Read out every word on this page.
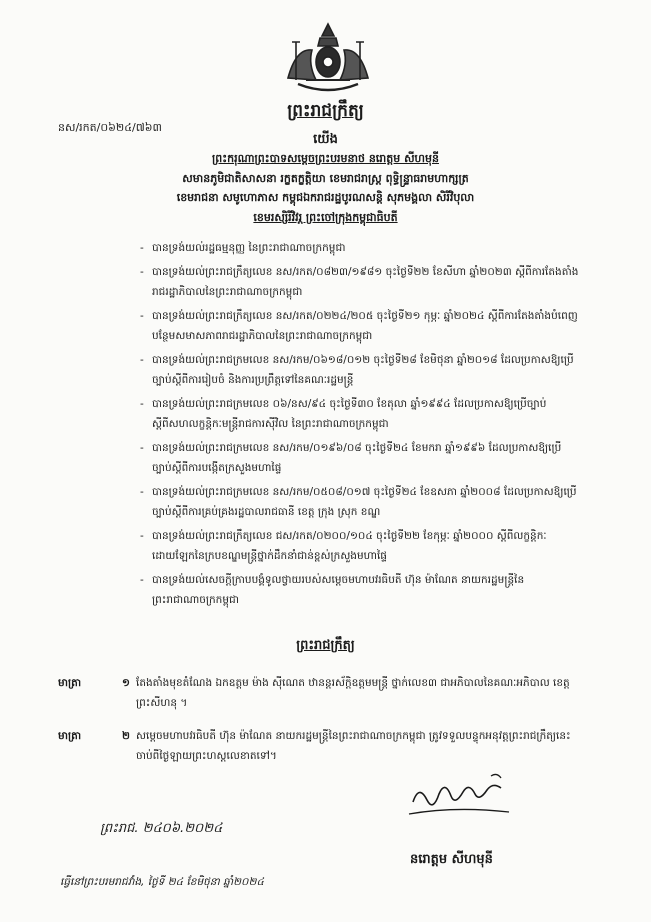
ព្រះរាជក្រឹត្យ
នស/រកត/០៦២៤/៧៦៣
យើង
ព្រះករុណាព្រះបាទសម្តេចព្រះបរមនាថ នរោត្តម សីហមុនី
សមានភូមិជាតិសាសនា រក្ខតក្ខត្តិយា ខេមរាជរាស្ត្រ ពុទ្ធិន្ទ្រាធរាមហាក្សត្រ
ខេមរាជនា សមូហោភាស កម្ពុជឯករាជរដ្ឋបូរណសន្តិ សុភមង្គលា សិរីវិបុលា
ខេមរស្សិរីវិវរ្ត ព្រះចៅក្រុងកម្ពុជាធិបតី
- បានទ្រង់យល់រដ្ឋធម្មនុញ្ញ នៃព្រះរាជាណាចក្រកម្ពុជា
- បានទ្រង់យល់ព្រះរាជក្រឹត្យលេខ នស/រកត/០៨២៣/១៩៨១ ចុះថ្ងៃទី២២ ខែសីហា ឆ្នាំ២០២៣ ស្តីពីការតែងតាំងរាជរដ្ឋាភិបាលនៃព្រះរាជាណាចក្រកម្ពុជា
- បានទ្រង់យល់ព្រះរាជក្រឹត្យលេខ នស/រកត/០២២៤/២០៥ ចុះថ្ងៃទី២១ កុម្ភៈ ឆ្នាំ២០២៤ ស្តីពីការតែងតាំងបំពេញបន្ថែមសមាសភាពរាជរដ្ឋាភិបាលនៃព្រះរាជាណាចក្រកម្ពុជា
- បានទ្រង់យល់ព្រះរាជក្រមលេខ នស/រកម/០៦១៨/០១២ ចុះថ្ងៃទី២៨ ខែមិថុនា ឆ្នាំ២០១៨ ដែលប្រកាសឱ្យប្រើច្បាប់ស្តីពីការរៀបចំ និងការប្រព្រឹត្តទៅនៃគណៈរដ្ឋមន្ត្រី
- បានទ្រង់យល់ព្រះរាជក្រមលេខ ០៦/នស/៩៤ ចុះថ្ងៃទី៣០ ខែតុលា ឆ្នាំ១៩៩៤ ដែលប្រកាសឱ្យប្រើច្បាប់ស្តីពីសហលក្ខន្តិកៈមន្ត្រីរាជការស៊ីវិល នៃព្រះរាជាណាចក្រកម្ពុជា
- បានទ្រង់យល់ព្រះរាជក្រមលេខ នស/រកម/០១៩៦/០៨ ចុះថ្ងៃទី២៤ ខែមករា ឆ្នាំ១៩៩៦ ដែលប្រកាសឱ្យប្រើច្បាប់ស្តីពីការបង្កើតក្រសួងមហាផ្ទៃ
- បានទ្រង់យល់ព្រះរាជក្រមលេខ នស/រកម/០៥០៨/០១៧ ចុះថ្ងៃទី២៤ ខែឧសភា ឆ្នាំ២០០៨ ដែលប្រកាសឱ្យប្រើច្បាប់ស្តីពីការគ្រប់គ្រងរដ្ឋបាលរាជធានី ខេត្ត ក្រុង ស្រុក ខណ្ឌ
- បានទ្រង់យល់ព្រះរាជក្រឹត្យលេខ ជស/រកត/០២០០/១០៤ ចុះថ្ងៃទី២២ ខែកុម្ភៈ ឆ្នាំ២០០០ ស្តីពីលក្ខន្តិកៈដោយឡែកនៃក្របខណ្ឌមន្ត្រីថ្នាក់ដឹកនាំជាន់ខ្ពស់ក្រសួងមហាផ្ទៃ
- បានទ្រង់យល់សេចក្តីក្រាបបង្គំទូលថ្វាយរបស់សម្តេចមហាបវរធិបតី ហ៊ុន ម៉ាណែត នាយករដ្ឋមន្ត្រីនៃព្រះរាជាណាចក្រកម្ពុជា
ព្រះរាជក្រឹត្យ
មាត្រា	១ តែងតាំងមុខតំណែង ឯកឧត្តម ម៉ាង ស៊ីណេត ឋានន្តរស័ក្តិឧត្តមមន្ត្រី ថ្នាក់លេខ៣ ជាអភិបាលនៃគណៈអភិបាល ខេត្តព្រះសីហនុ ។
មាត្រា	២ សម្តេចមហាបវរធិបតី ហ៊ុន ម៉ាណែត នាយករដ្ឋមន្ត្រីនៃព្រះរាជាណាចក្រកម្ពុជា ត្រូវទទួលបន្ទុកអនុវត្តព្រះរាជក្រឹត្យនេះ ចាប់ពីថ្ងៃឡាយព្រះហស្តលេខាតទៅ។
ព្រះរាជ. ២៤០៦.២០២៤
នរោត្តម សីហមុនី
ធ្វើនៅព្រះបរមរាជវាំង, ថ្ងៃទី ២៤ ខែមិថុនា ឆ្នាំ២០២៤
